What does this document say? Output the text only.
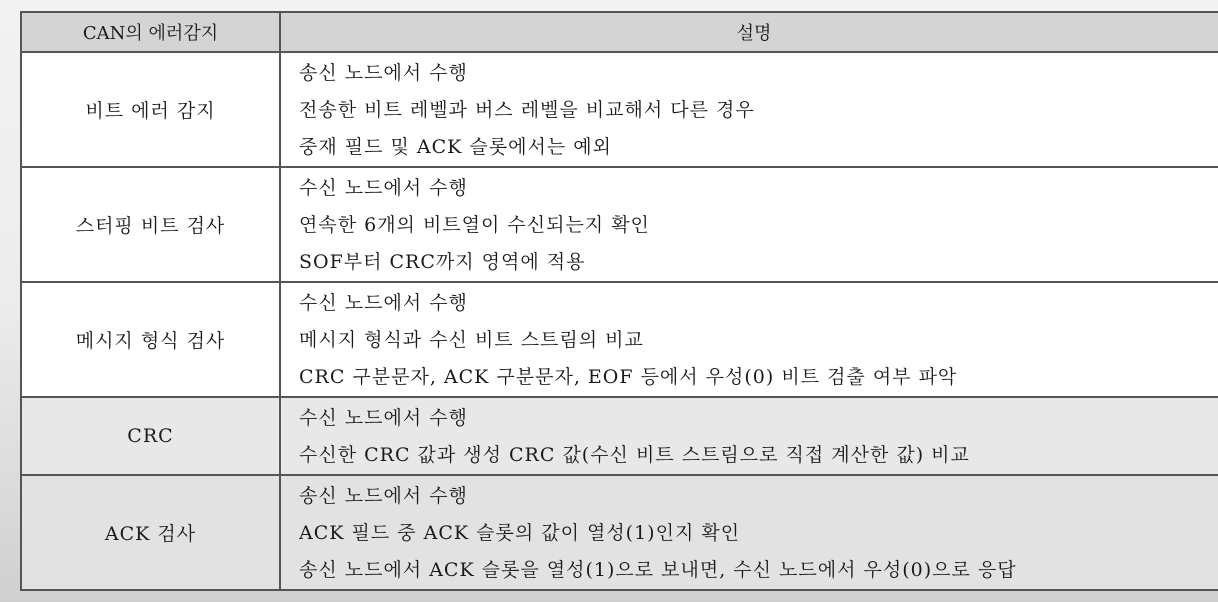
CAN의 에러감지	설명
비트 에러 감지	송신 노드에서 수행
전송한 비트 레벨과 버스 레벨을 비교해서 다른 경우
중재 필드 및 ACK 슬롯에서는 예외

스터핑 비트 검사	수신 노드에서 수행
연속한 6개의 비트열이 수신되는지 확인
SOF부터 CRC까지 영역에 적용

메시지 형식 검사	수신 노드에서 수행
메시지 형식과 수신 비트 스트림의 비교
CRC 구분문자, ACK 구분문자, EOF 등에서 우성(0) 비트 검출 여부 파악

CRC	수신 노드에서 수행
수신한 CRC 값과 생성 CRC 값(수신 비트 스트림으로 직접 계산한 값) 비교

ACK 검사	송신 노드에서 수행
ACK 필드 중 ACK 슬롯의 값이 열성(1)인지 확인
송신 노드에서 ACK 슬롯을 열성(1)으로 보내면, 수신 노드에서 우성(0)으로 응답
